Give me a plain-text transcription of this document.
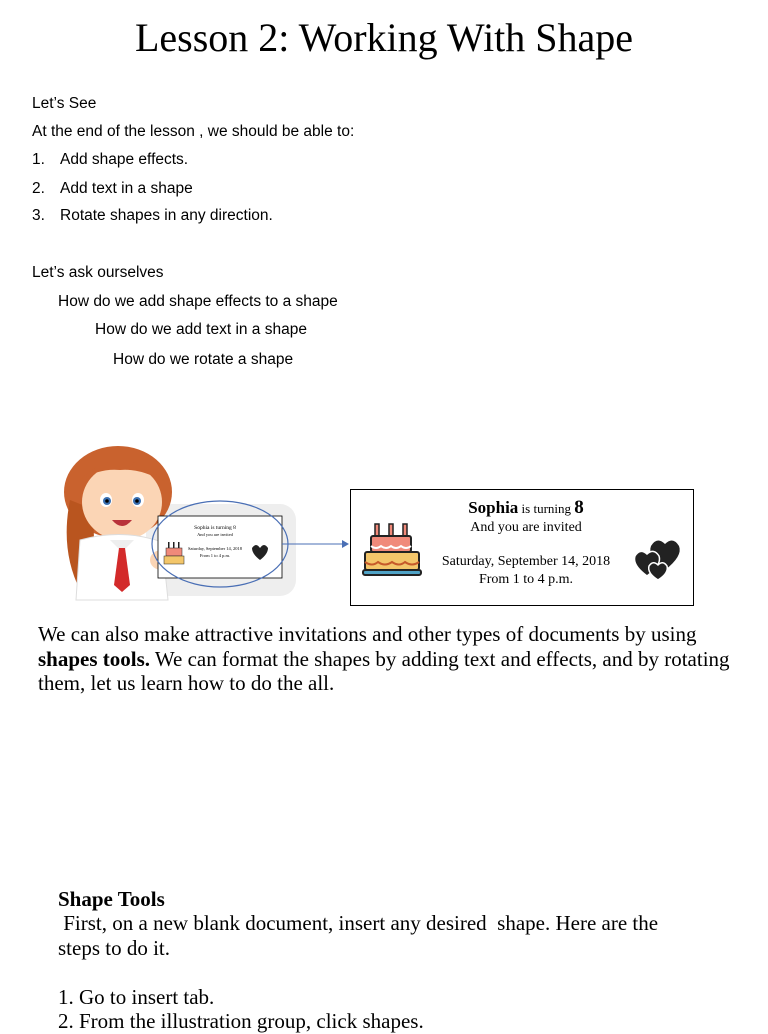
Lesson 2: Working With Shape
Let’s See
At the end of the lesson , we should be able to:
1. Add shape effects.
2. Add text in a shape
3. Rotate shapes in any direction.
Let’s ask ourselves
How do we add shape effects to a shape
How do we add text in a shape
How do we rotate a shape
Sophia is turning 8
And you are invited
Saturday, September 14, 2018
From 1 to 4 p.m.
Sophia is turning 8
And you are invited
Saturday, September 14, 2018
From 1 to 4 p.m.
We can also make attractive invitations and other types of documents by using shapes tools. We can format the shapes by adding text and effects, and by rotating them, let us learn how to do the all.
Shape Tools
First, on a new blank document, insert any desired  shape. Here are the
steps to do it.
1. Go to insert tab.
2. From the illustration group, click shapes.
